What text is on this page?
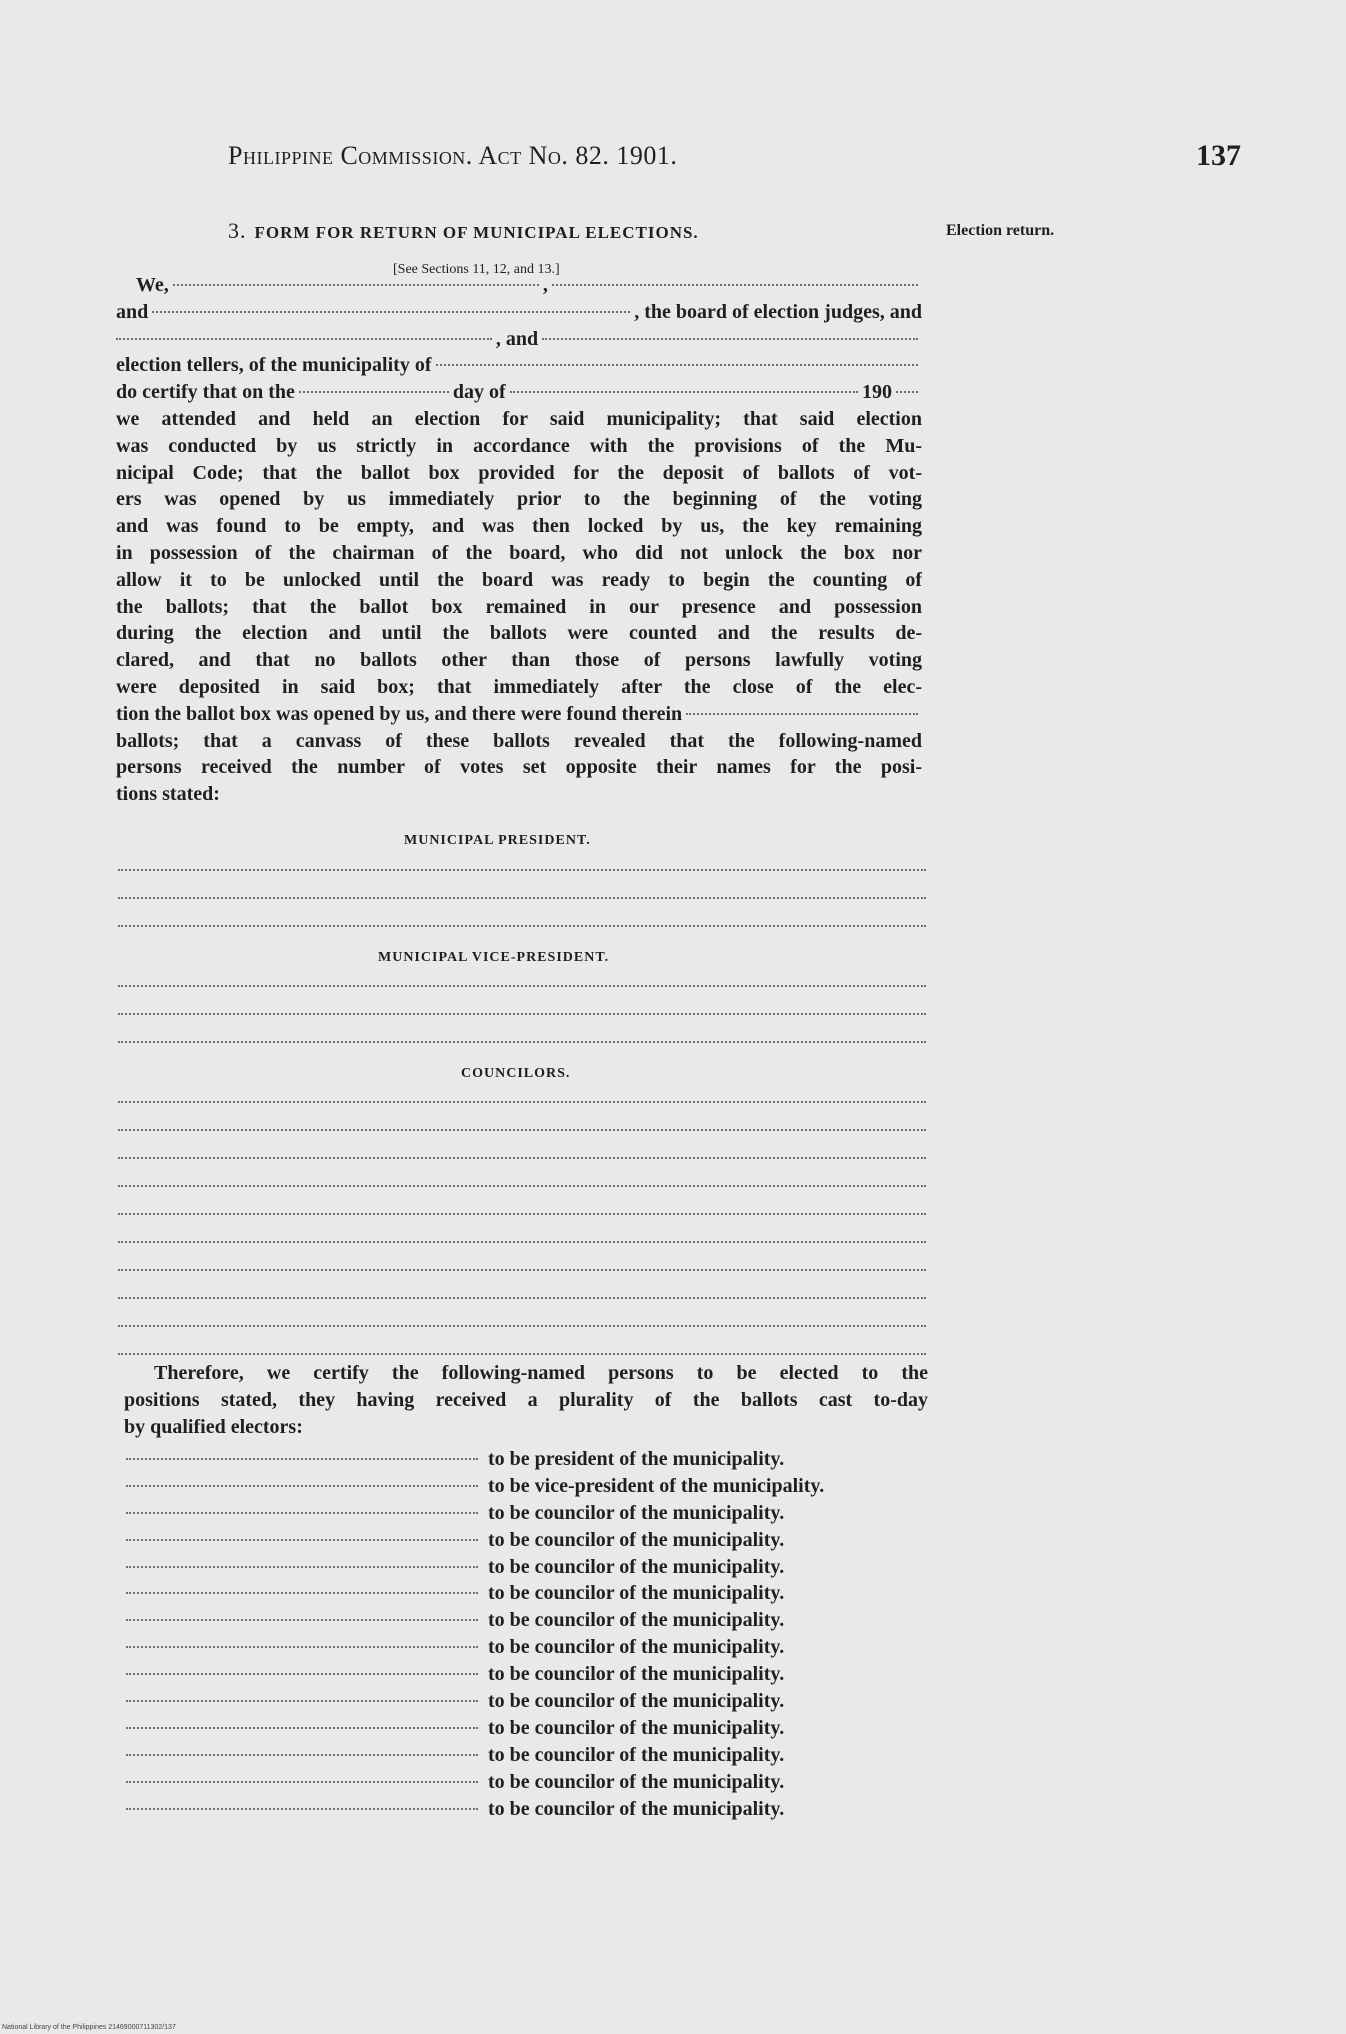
Philippine Commission. Act No. 82. 1901.	137
3. FORM FOR RETURN OF MUNICIPAL ELECTIONS.	Election return.
[See Sections 11, 12, and 13.]
We,	,
and	, the board of election judges, and
, and
election tellers, of the municipality of
do certify that on the	day of	190
we attended and held an election for said municipality; that said election
was conducted by us strictly in accordance with the provisions of the Mu-
nicipal Code; that the ballot box provided for the deposit of ballots of vot-
ers was opened by us immediately prior to the beginning of the voting
and was found to be empty, and was then locked by us, the key remaining
in possession of the chairman of the board, who did not unlock the box nor
allow it to be unlocked until the board was ready to begin the counting of
the ballots; that the ballot box remained in our presence and possession
during the election and until the ballots were counted and the results de-
clared, and that no ballots other than those of persons lawfully voting
were deposited in said box; that immediately after the close of the elec-
tion the ballot box was opened by us, and there were found therein
ballots; that a canvass of these ballots revealed that the following-named
persons received the number of votes set opposite their names for the posi-
tions stated:
MUNICIPAL PRESIDENT.
MUNICIPAL VICE-PRESIDENT.
COUNCILORS.
Therefore, we certify the following-named persons to be elected to the
positions stated, they having received a plurality of the ballots cast to-day
by qualified electors:
to be president of the municipality.
to be vice-president of the municipality.
to be councilor of the municipality.
to be councilor of the municipality.
to be councilor of the municipality.
to be councilor of the municipality.
to be councilor of the municipality.
to be councilor of the municipality.
to be councilor of the municipality.
to be councilor of the municipality.
to be councilor of the municipality.
to be councilor of the municipality.
to be councilor of the municipality.
to be councilor of the municipality.
National Library of the Philippines 21469000711302/137
